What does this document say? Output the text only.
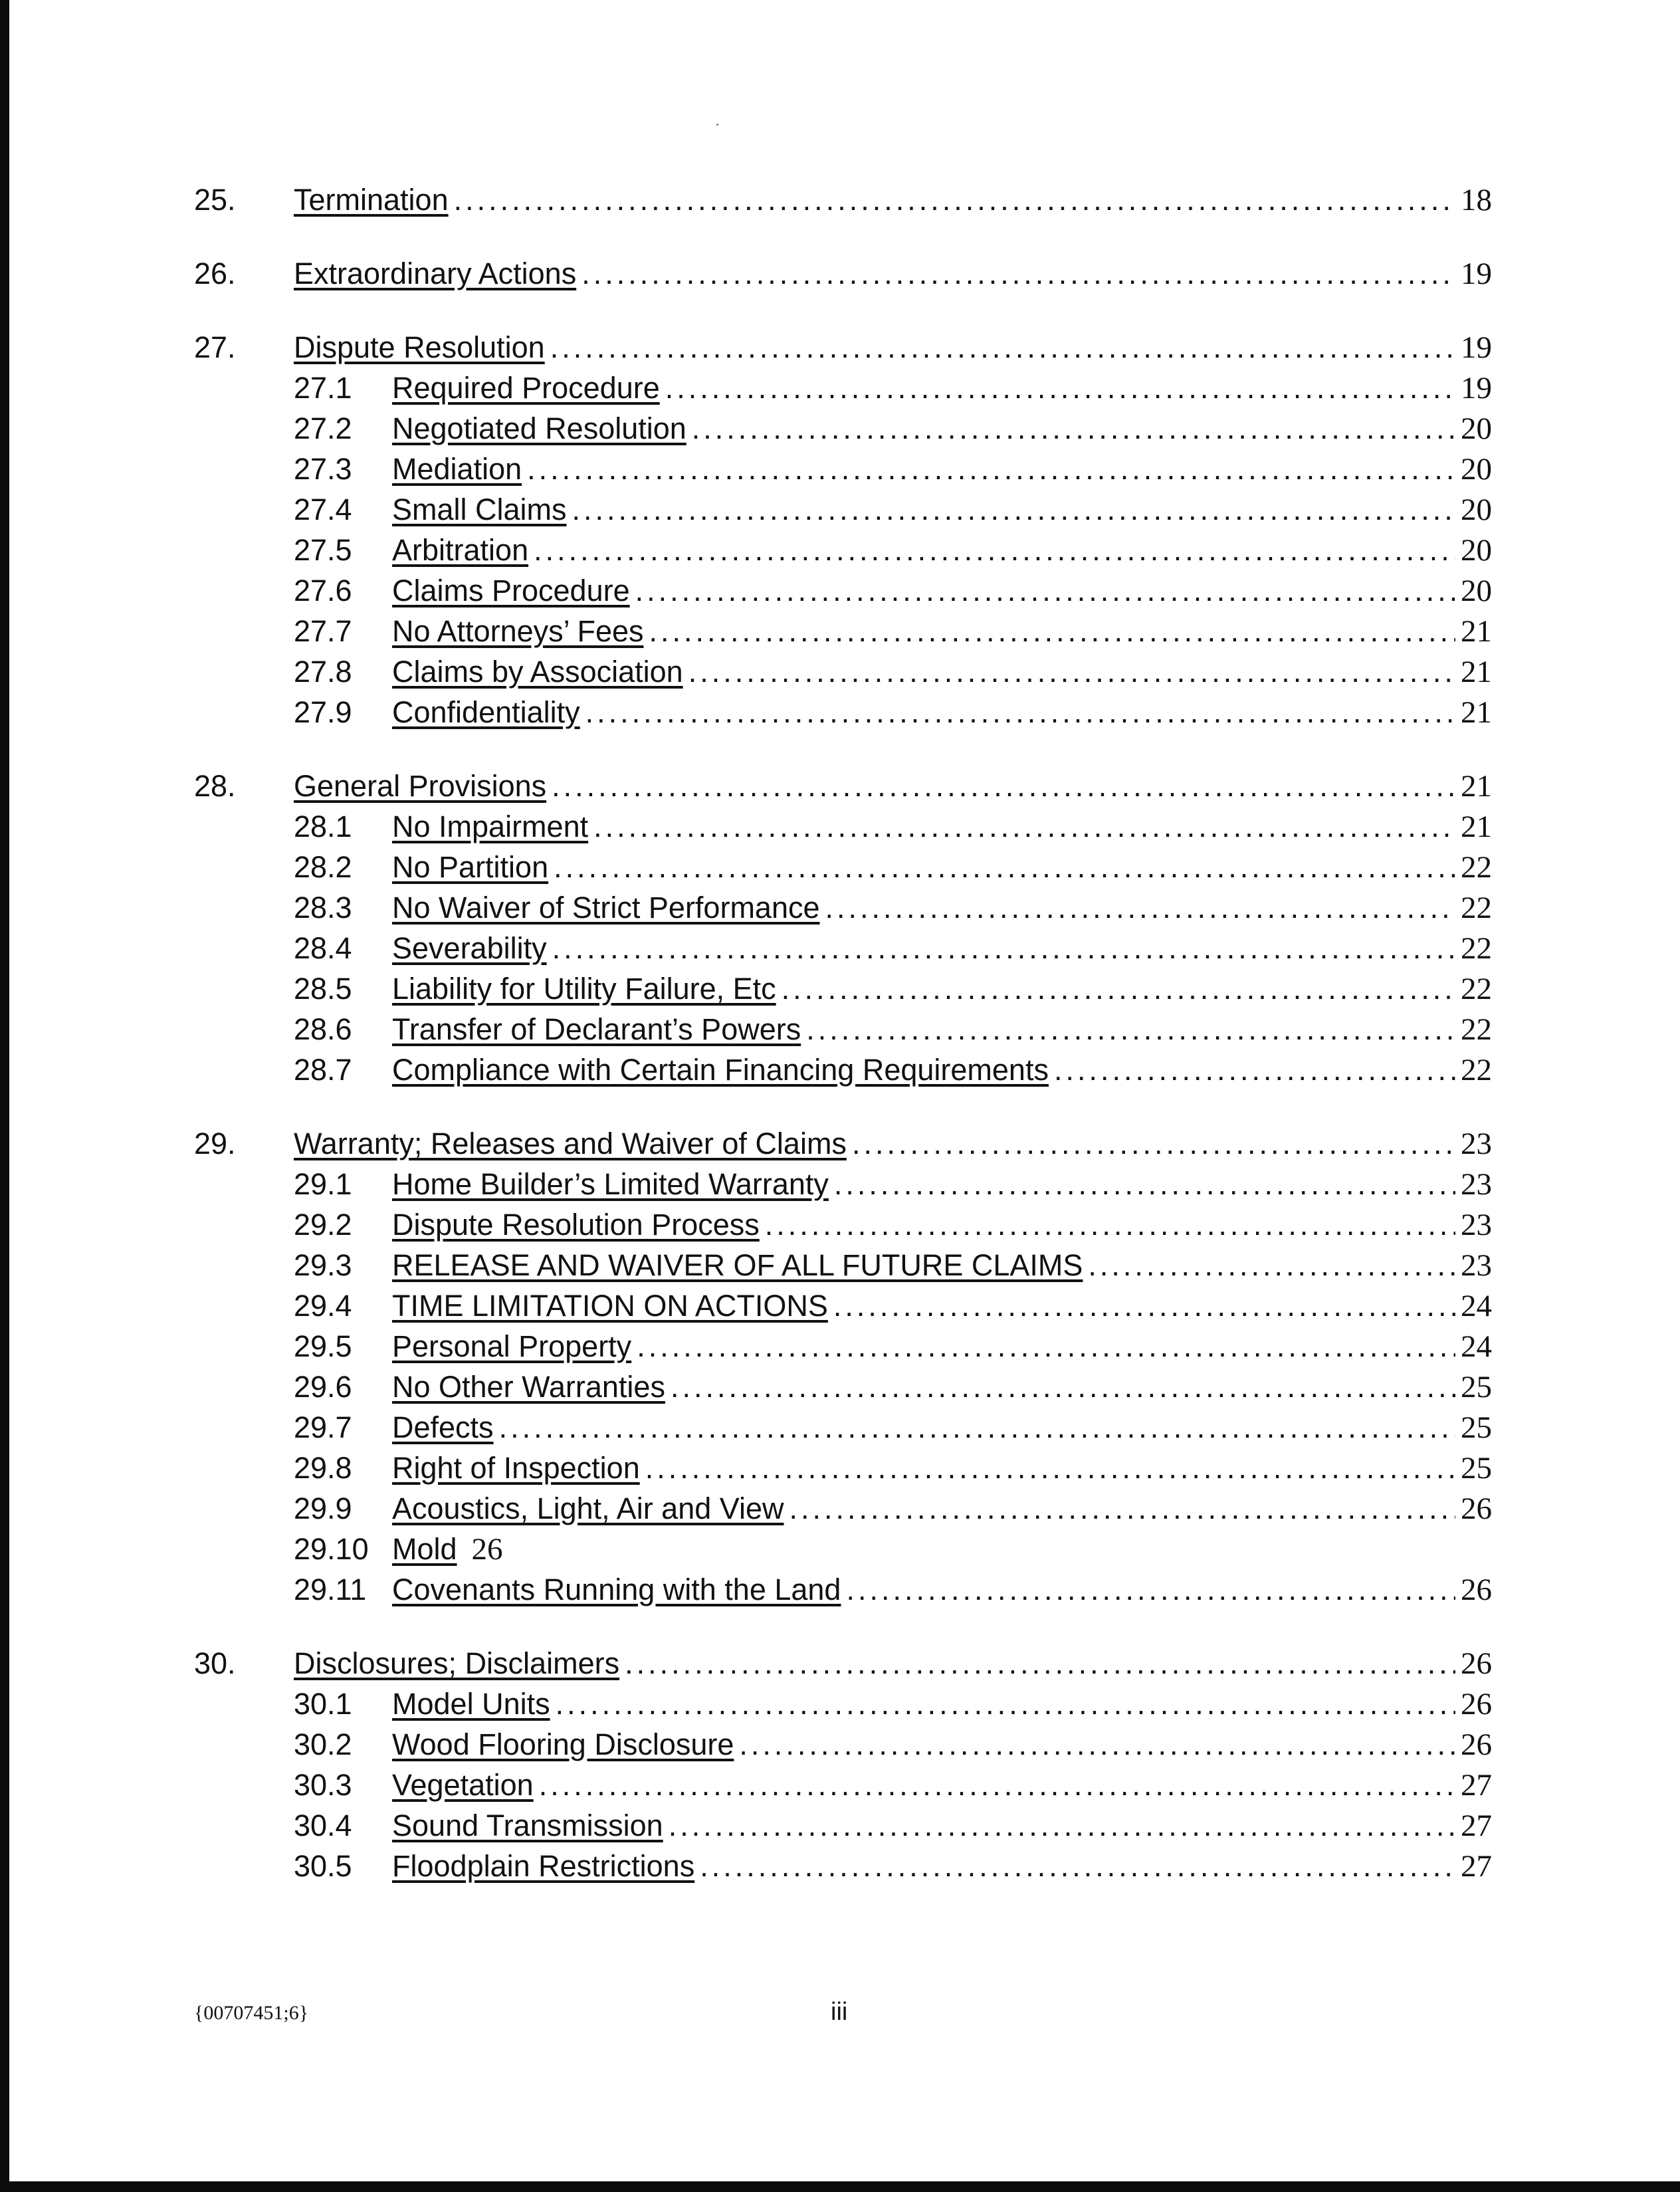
25.	Termination .....	18
26.	Extraordinary Actions .....	19
27.	Dispute Resolution .....	19
27.1	Required Procedure .....	19
27.2	Negotiated Resolution .....	20
27.3	Mediation .....	20
27.4	Small Claims .....	20
27.5	Arbitration .....	20
27.6	Claims Procedure .....	20
27.7	No Attorneys’ Fees .....	21
27.8	Claims by Association .....	21
27.9	Confidentiality .....	21
28.	General Provisions .....	21
28.1	No Impairment .....	21
28.2	No Partition .....	22
28.3	No Waiver of Strict Performance .....	22
28.4	Severability .....	22
28.5	Liability for Utility Failure, Etc .....	22
28.6	Transfer of Declarant’s Powers .....	22
28.7	Compliance with Certain Financing Requirements .....	22
29.	Warranty; Releases and Waiver of Claims .....	23
29.1	Home Builder’s Limited Warranty .....	23
29.2	Dispute Resolution Process .....	23
29.3	RELEASE AND WAIVER OF ALL FUTURE CLAIMS .....	23
29.4	TIME LIMITATION ON ACTIONS .....	24
29.5	Personal Property .....	24
29.6	No Other Warranties .....	25
29.7	Defects .....	25
29.8	Right of Inspection .....	25
29.9	Acoustics, Light, Air and View .....	26
29.10 Mold 26
29.11 Covenants Running with the Land .....	26
30.	Disclosures; Disclaimers .....	26
30.1	Model Units .....	26
30.2	Wood Flooring Disclosure .....	26
30.3	Vegetation .....	27
30.4	Sound Transmission .....	27
30.5	Floodplain Restrictions .....	27
{00707451;6}	iii
